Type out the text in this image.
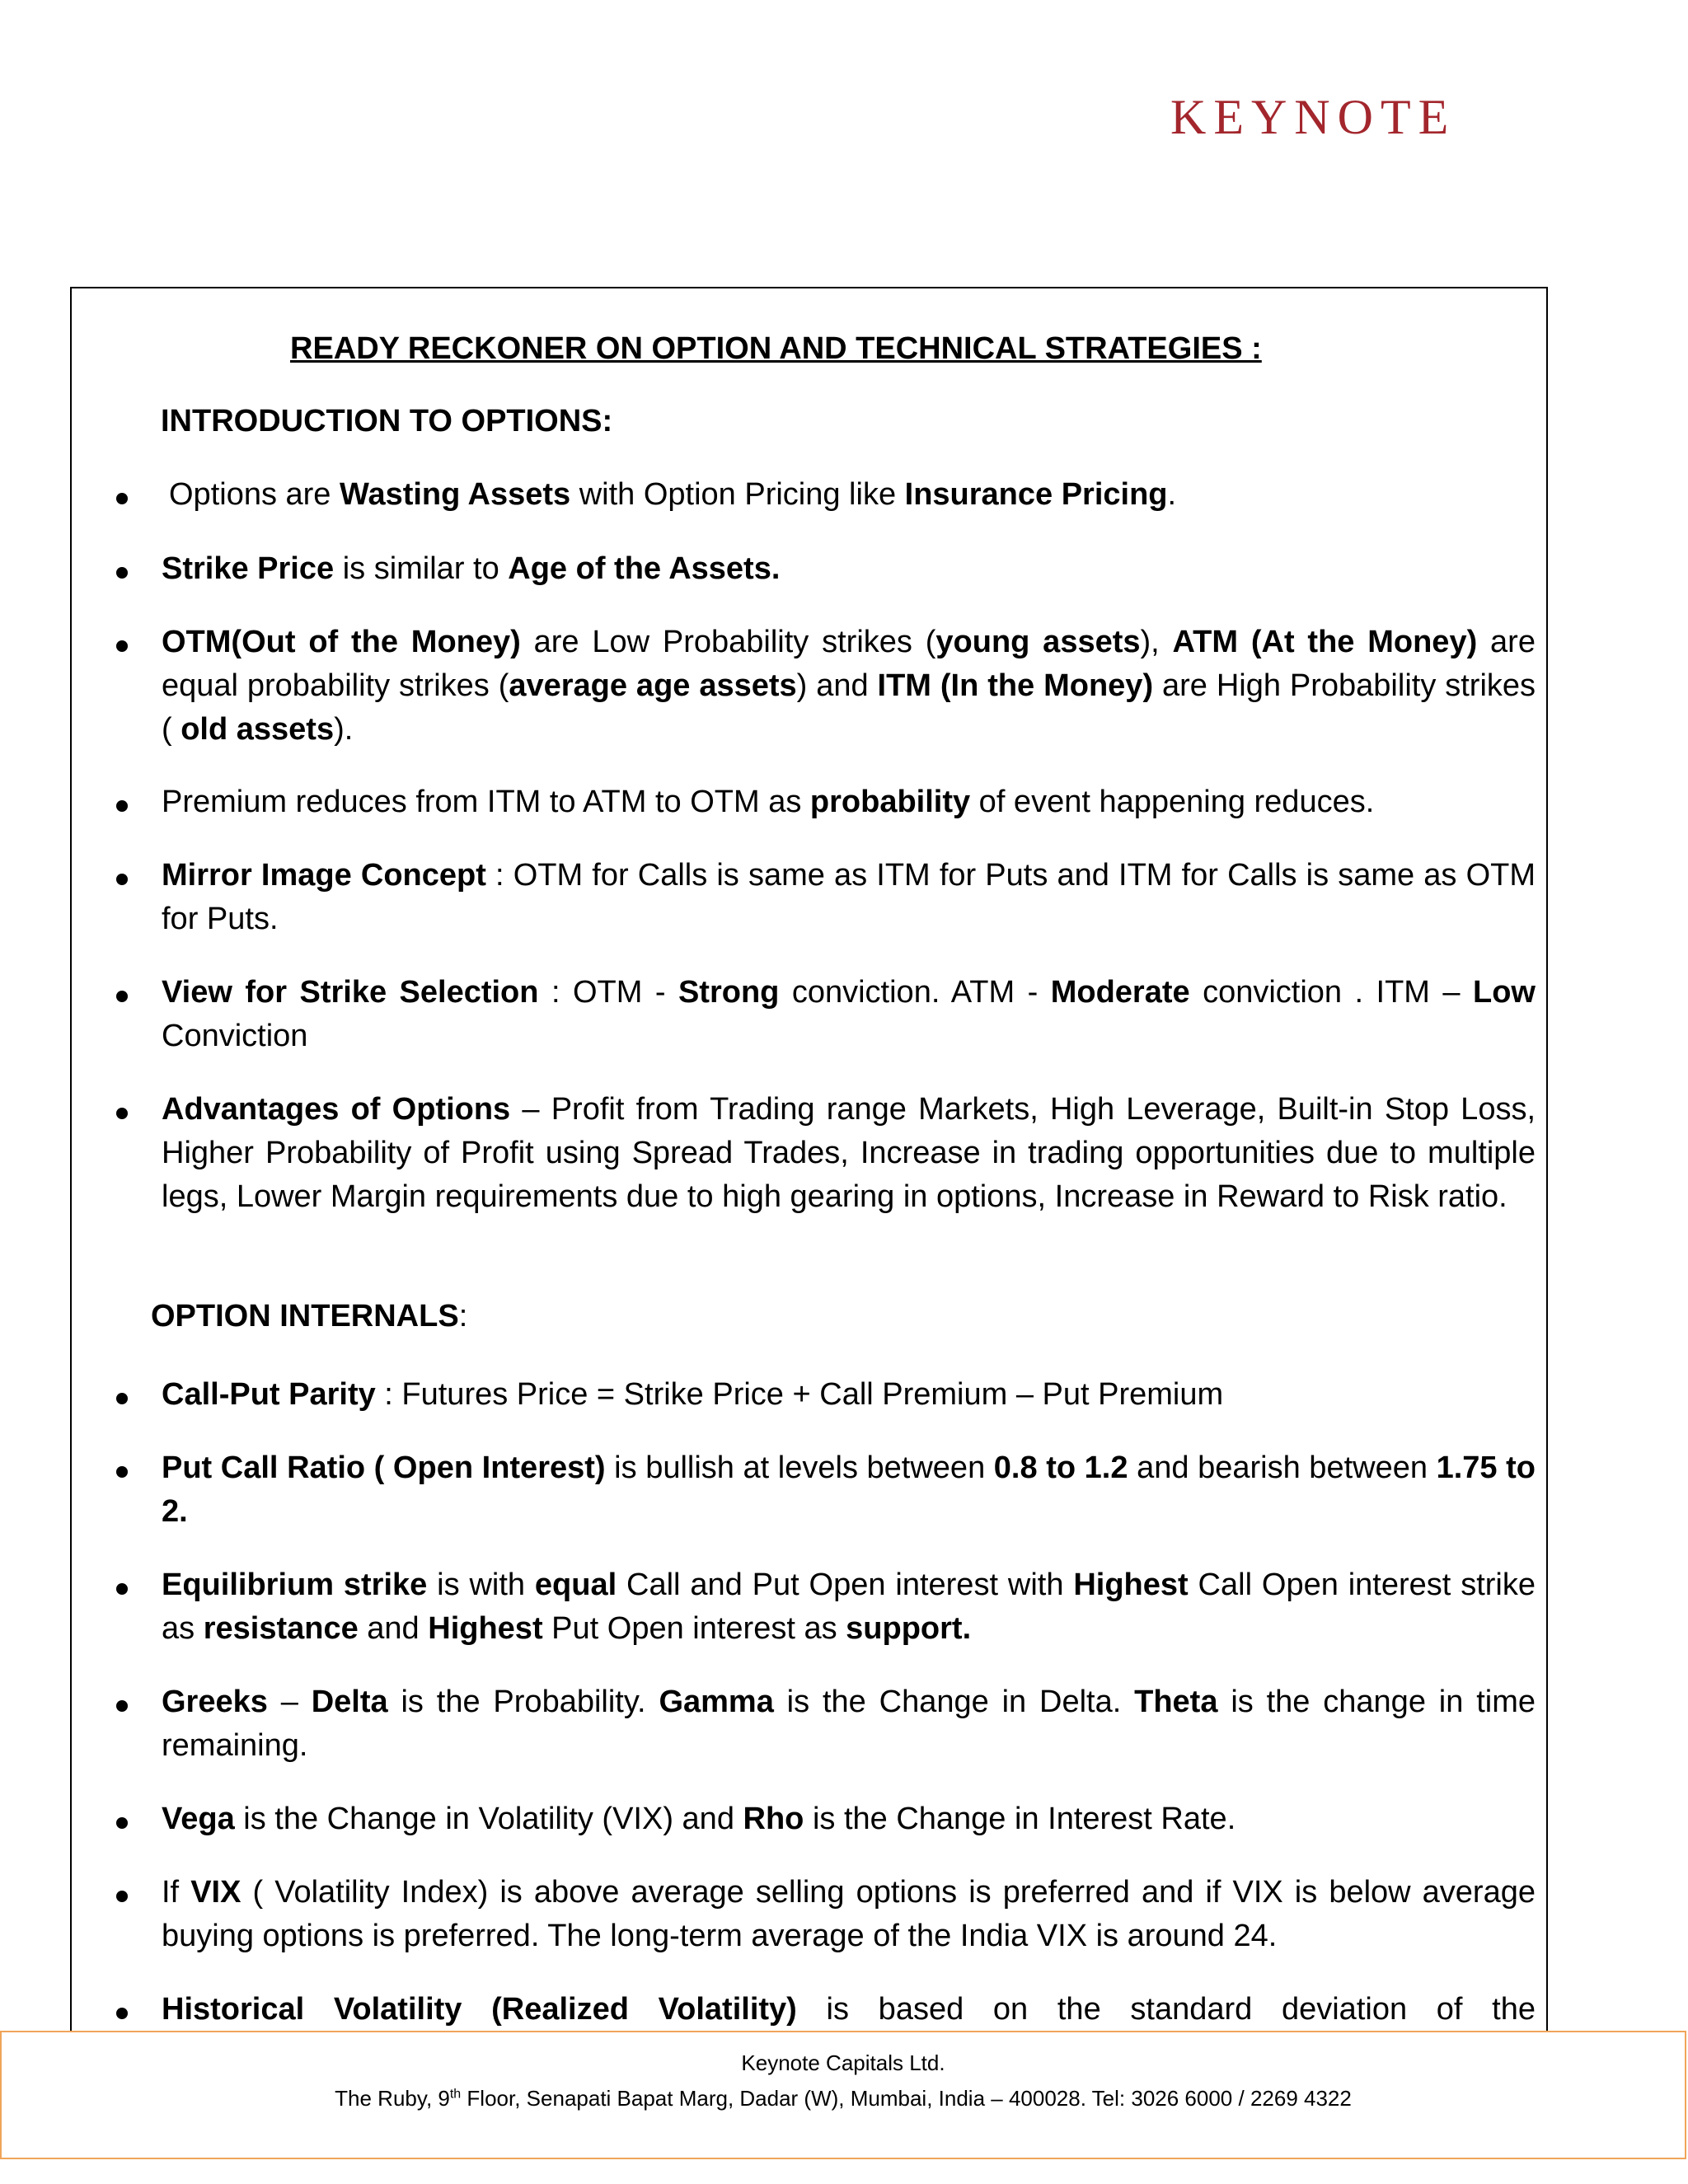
KEYNOTE
READY RECKONER ON OPTION AND TECHNICAL STRATEGIES :
INTRODUCTION TO OPTIONS:
Options are Wasting Assets with Option Pricing like Insurance Pricing.
Strike Price is similar to Age of the Assets.
OTM(Out of the Money) are Low Probability strikes (young assets), ATM (At the Money) are equal probability strikes (average age assets) and ITM (In the Money) are High Probability strikes ( old assets).
Premium reduces from ITM to ATM to OTM as probability of event happening reduces.
Mirror Image Concept : OTM for Calls is same as ITM for Puts and ITM for Calls is same as OTM for Puts.
View for Strike Selection : OTM - Strong conviction. ATM - Moderate conviction . ITM – Low Conviction
Advantages of Options – Profit from Trading range Markets, High Leverage, Built-in Stop Loss, Higher Probability of Profit using Spread Trades, Increase in trading opportunities due to multiple legs, Lower Margin requirements due to high gearing in options, Increase in Reward to Risk ratio.
OPTION INTERNALS:
Call-Put Parity : Futures Price = Strike Price + Call Premium – Put Premium
Put Call Ratio ( Open Interest) is bullish at levels between 0.8 to 1.2 and bearish between 1.75 to 2.
Equilibrium strike is with equal Call and Put Open interest with Highest Call Open interest strike as resistance and Highest Put Open interest as support.
Greeks – Delta is the Probability. Gamma is the Change in Delta. Theta is the change in time remaining.
Vega is the Change in Volatility (VIX) and Rho is the Change in Interest Rate.
If VIX ( Volatility Index) is above average selling options is preferred and if VIX is below average buying options is preferred. The long-term average of the India VIX is around 24.
Historical Volatility (Realized Volatility) is based on the standard deviation of the
Keynote Capitals Ltd.
The Ruby, 9th Floor, Senapati Bapat Marg, Dadar (W), Mumbai, India – 400028. Tel: 3026 6000 / 2269 4322
